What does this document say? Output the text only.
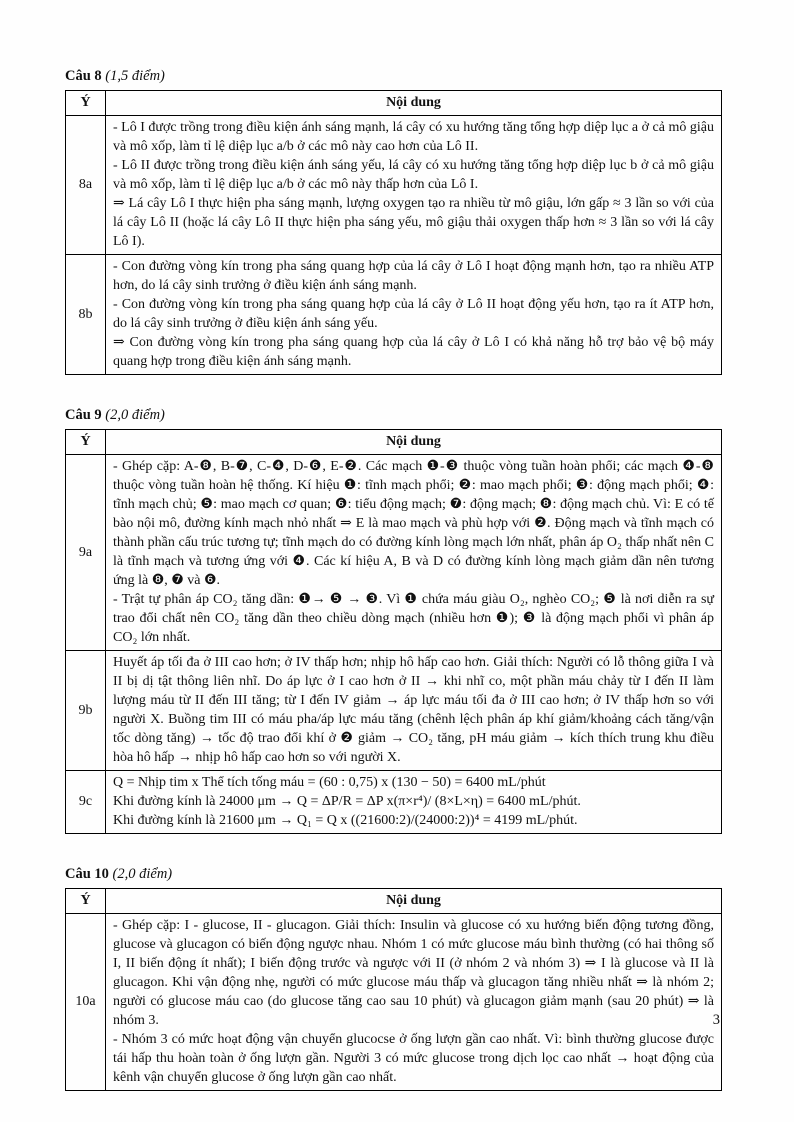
Câu 8 (1,5 điểm)
Ý	Nội dung
8a	- Lô I được trồng trong điều kiện ánh sáng mạnh, lá cây có xu hướng tăng tổng hợp diệp lục a ở cả mô giậu và mô xốp, làm tỉ lệ diệp lục a/b ở các mô này cao hơn của Lô II.
- Lô II được trồng trong điều kiện ánh sáng yếu, lá cây có xu hướng tăng tổng hợp diệp lục b ở cả mô giậu và mô xốp, làm tỉ lệ diệp lục a/b ở các mô này thấp hơn của Lô I.
⇒ Lá cây Lô I thực hiện pha sáng mạnh, lượng oxygen tạo ra nhiều từ mô giậu, lớn gấp ≈ 3 lần so với của lá cây Lô II (hoặc lá cây Lô II thực hiện pha sáng yếu, mô giậu thải oxygen thấp hơn ≈ 3 lần so với lá cây Lô I).

8b	- Con đường vòng kín trong pha sáng quang hợp của lá cây ở Lô I hoạt động mạnh hơn, tạo ra nhiều ATP hơn, do lá cây sinh trưởng ở điều kiện ánh sáng mạnh.
- Con đường vòng kín trong pha sáng quang hợp của lá cây ở Lô II hoạt động yếu hơn, tạo ra ít ATP hơn, do lá cây sinh trưởng ở điều kiện ánh sáng yếu.
⇒ Con đường vòng kín trong pha sáng quang hợp của lá cây ở Lô I có khả năng hỗ trợ bảo vệ bộ máy quang hợp trong điều kiện ánh sáng mạnh.
Câu 9 (2,0 điểm)
Ý	Nội dung
9a	- Ghép cặp: A-❽, B-❼, C-❹, D-❻, E-❷. Các mạch ❶-❸ thuộc vòng tuần hoàn phổi; các mạch ❹-❽ thuộc vòng tuần hoàn hệ thống. Kí hiệu ❶: tĩnh mạch phổi; ❷: mao mạch phổi; ❸: động mạch phổi; ❹: tĩnh mạch chủ; ❺: mao mạch cơ quan; ❻: tiểu động mạch; ❼: động mạch; ❽: động mạch chủ. Vì: E có tế bào nội mô, đường kính mạch nhỏ nhất ⇒ E là mao mạch và phù hợp với ❷. Động mạch và tĩnh mạch có thành phần cấu trúc tương tự; tĩnh mạch do có đường kính lòng mạch lớn nhất, phân áp O₂ thấp nhất nên C là tĩnh mạch và tương ứng với ❹. Các kí hiệu A, B và D có đường kính lòng mạch giảm dần nên tương ứng là ❽, ❼ và ❻.
- Trật tự phân áp CO₂ tăng dần: ❶→ ❺ → ❸. Vì ❶ chứa máu giàu O₂, nghèo CO₂; ❺ là nơi diễn ra sự trao đổi chất nên CO₂ tăng dần theo chiều dòng mạch (nhiều hơn ❶); ❸ là động mạch phổi vì phân áp CO₂ lớn nhất.

9b	Huyết áp tối đa ở III cao hơn; ở IV thấp hơn; nhịp hô hấp cao hơn. Giải thích: Người có lỗ thông giữa I và II bị dị tật thông liên nhĩ. Do áp lực ở I cao hơn ở II → khi nhĩ co, một phần máu chảy từ I đến II làm lượng máu từ II đến III tăng; từ I đến IV giảm → áp lực máu tối đa ở III cao hơn; ở IV thấp hơn so với người X. Buồng tim III có máu pha/áp lực máu tăng (chênh lệch phân áp khí giảm/khoảng cách tăng/vận tốc dòng tăng) → tốc độ trao đổi khí ở ❷ giảm → CO₂ tăng, pH máu giảm → kích thích trung khu điều hòa hô hấp → nhịp hô hấp cao hơn so với người X.

9c	Q = Nhịp tim x Thể tích tống máu = (60 : 0,75) x (130 − 50) = 6400 mL/phút
Khi đường kính là 24000 μm → Q = ΔP/R = ΔP x(π×r⁴)/ (8×L×η) = 6400 mL/phút.
Khi đường kính là 21600 μm → Q₁ = Q x ((21600:2)/(24000:2))⁴ = 4199 mL/phút.
Câu 10 (2,0 điểm)
Ý	Nội dung
10a	- Ghép cặp: I - glucose, II - glucagon. Giải thích: Insulin và glucose có xu hướng biến động tương đồng, glucose và glucagon có biến động ngược nhau. Nhóm 1 có mức glucose máu bình thường (có hai thông số I, II biến động ít nhất); I biến động trước và ngược với II (ở nhóm 2 và nhóm 3) ⇒ I là glucose và II là glucagon. Khi vận động nhẹ, người có mức glucose máu thấp và glucagon tăng nhiều nhất ⇒ là nhóm 2; người có glucose máu cao (do glucose tăng cao sau 10 phút) và glucagon giảm mạnh (sau 20 phút) ⇒ là nhóm 3.
- Nhóm 3 có mức hoạt động vận chuyển glucocse ở ống lượn gần cao nhất. Vì: bình thường glucose được tái hấp thu hoàn toàn ở ống lượn gần. Người 3 có mức glucose trong dịch lọc cao nhất → hoạt động của kênh vận chuyển glucose ở ống lượn gần cao nhất.
3
